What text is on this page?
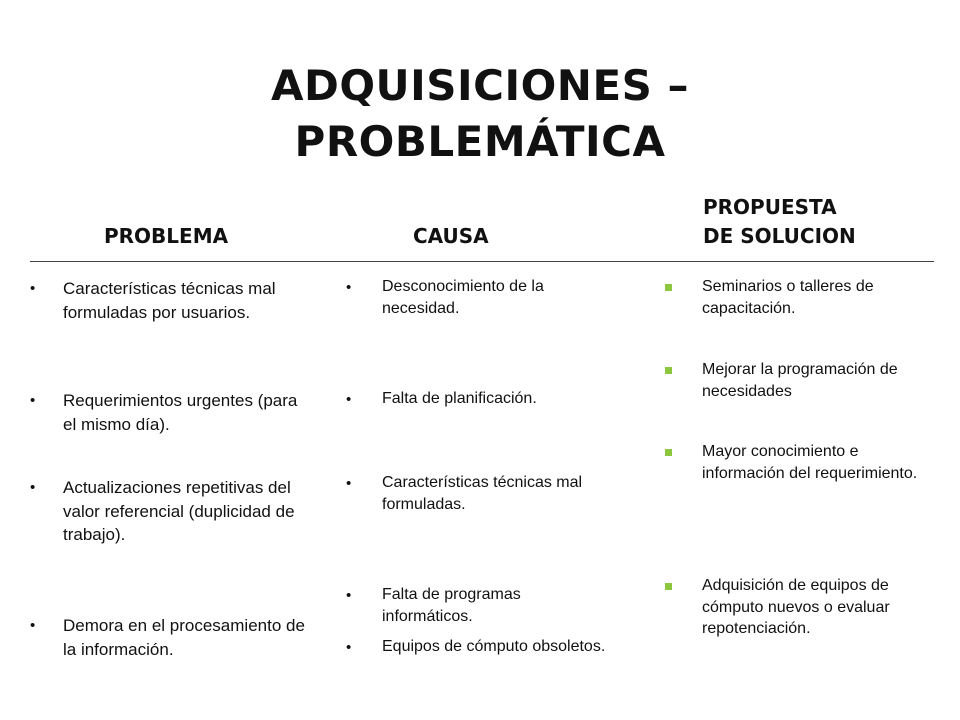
ADQUISICIONES –
PROBLEMÁTICA
PROBLEMA	CAUSA
PROPUESTA
DE SOLUCION
• Características técnicas mal formuladas por usuarios.
• Requerimientos urgentes (para el mismo día).
• Actualizaciones repetitivas del valor referencial (duplicidad de trabajo).
• Demora en el procesamiento de la información.
• Desconocimiento de la necesidad.
• Falta de planificación.
• Características técnicas mal formuladas.
• Falta de programas informáticos.
• Equipos de cómputo obsoletos.
Seminarios o talleres de capacitación.
Mejorar la programación de necesidades
Mayor conocimiento e información del requerimiento.
Adquisición de equipos de cómputo nuevos o evaluar repotenciación.
